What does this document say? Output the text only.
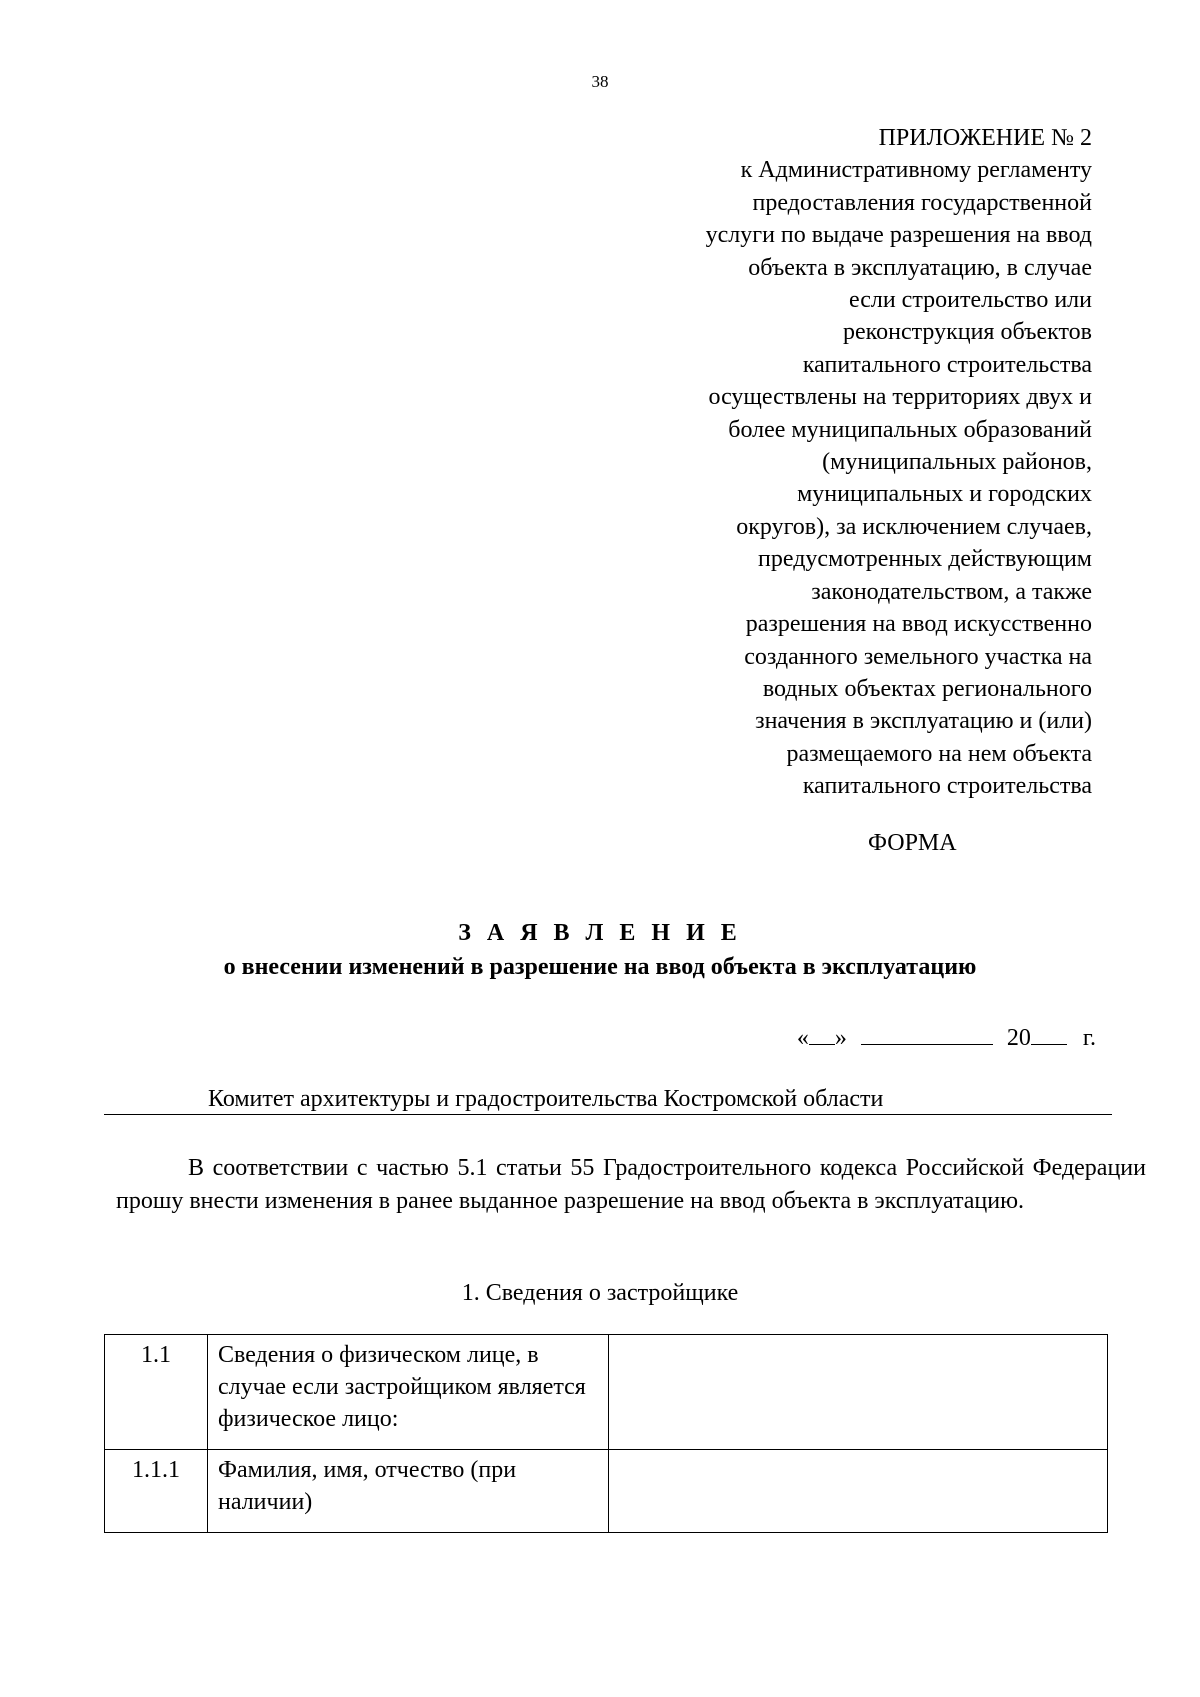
38
ПРИЛОЖЕНИЕ № 2
к Административному регламенту
предоставления государственной
услуги по выдаче разрешения на ввод
объекта в эксплуатацию, в случае
если строительство или
реконструкция объектов
капитального строительства
осуществлены на территориях двух и
более муниципальных образований
(муниципальных районов,
муниципальных и городских
округов), за исключением случаев,
предусмотренных действующим
законодательством, а также
разрешения на ввод искусственно
созданного земельного участка на
водных объектах регионального
значения в эксплуатацию и (или)
размещаемого на нем объекта
капитального строительства
ФОРМА
З А Я В Л Е Н И Е
о внесении изменений в разрешение на ввод объекта в эксплуатацию
« »	20 г.
Комитет архитектуры и градостроительства Костромской области

В соответствии с частью 5.1 статьи 55 Градостроительного кодекса Российской Федерации прошу внести изменения в ранее выданное разрешение на ввод объекта в эксплуатацию.

1. Сведения о застройщике
1.1	Сведения о физическом лице, в случае если застройщиком является физическое лицо:	
1.1.1	Фамилия, имя, отчество (при наличии)	
